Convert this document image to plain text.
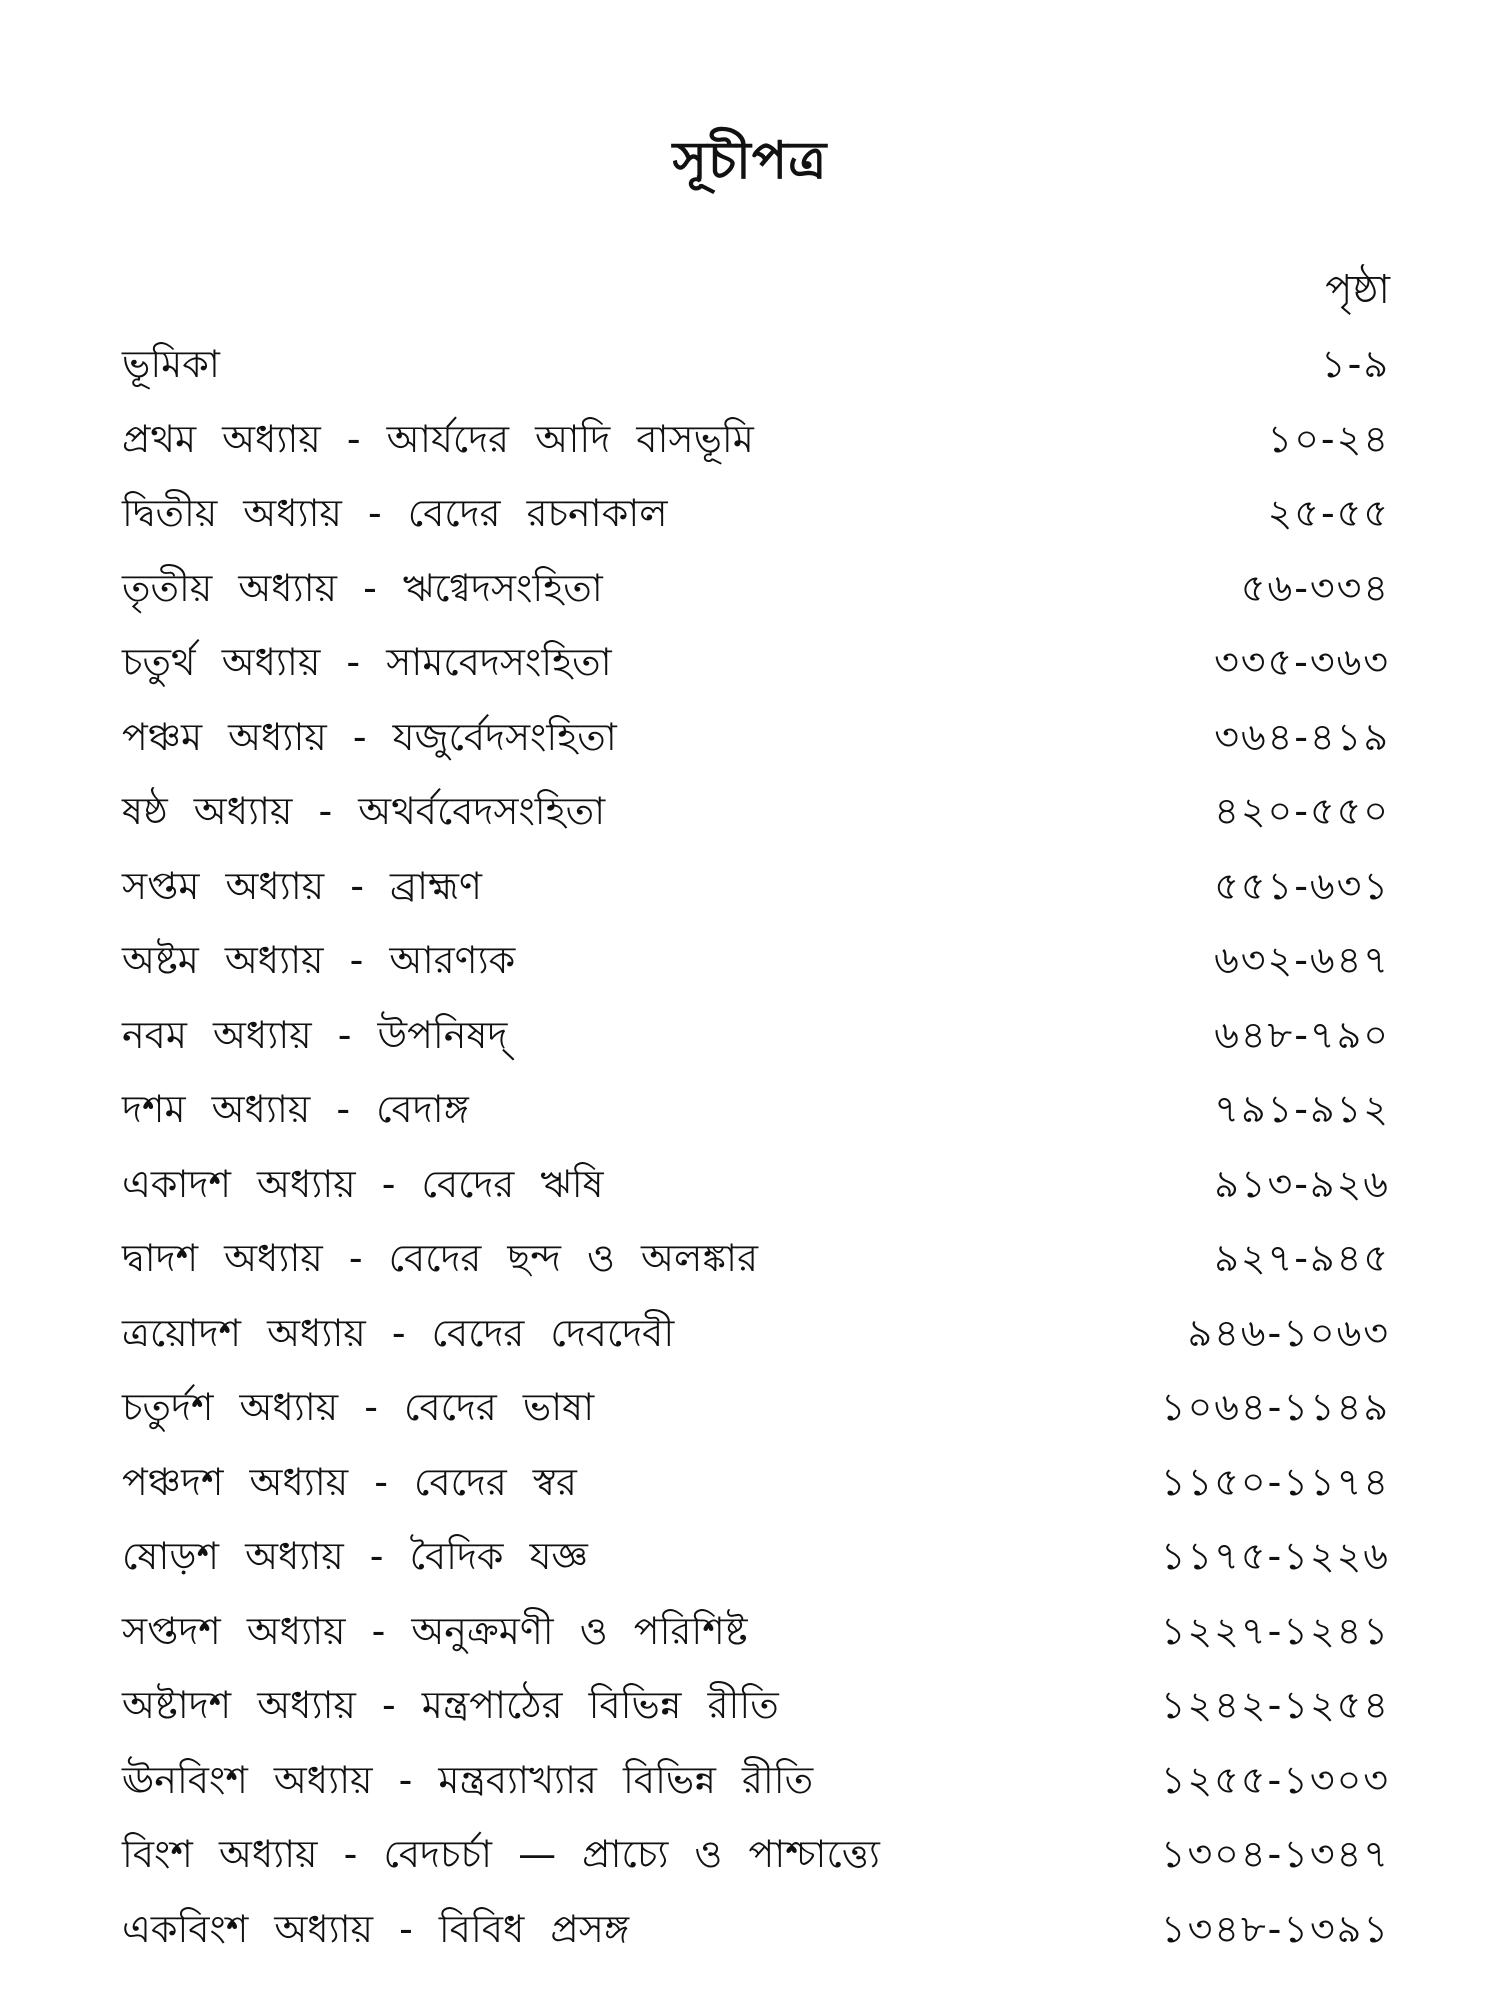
সূচীপত্র
পৃষ্ঠা
ভূমিকা	১-৯
প্রথম অধ্যায় - আর্যদের আদি বাসভূমি	১০-২৪
দ্বিতীয় অধ্যায় - বেদের রচনাকাল	২৫-৫৫
তৃতীয় অধ্যায় - ঋগ্বেদসংহিতা	৫৬-৩৩৪
চতুর্থ অধ্যায় - সামবেদসংহিতা	৩৩৫-৩৬৩
পঞ্চম অধ্যায় - যজুর্বেদসংহিতা	৩৬৪-৪১৯
ষষ্ঠ অধ্যায় - অথর্ববেদসংহিতা	৪২০-৫৫০
সপ্তম অধ্যায় - ব্রাহ্মণ	৫৫১-৬৩১
অষ্টম অধ্যায় - আরণ্যক	৬৩২-৬৪৭
নবম অধ্যায় - উপনিষদ্	৬৪৮-৭৯০
দশম অধ্যায় - বেদাঙ্গ	৭৯১-৯১২
একাদশ অধ্যায় - বেদের ঋষি	৯১৩-৯২৬
দ্বাদশ অধ্যায় - বেদের ছন্দ ও অলঙ্কার	৯২৭-৯৪৫
ত্রয়োদশ অধ্যায় - বেদের দেবদেবী	৯৪৬-১০৬৩
চতুর্দশ অধ্যায় - বেদের ভাষা	১০৬৪-১১৪৯
পঞ্চদশ অধ্যায় - বেদের স্বর	১১৫০-১১৭৪
ষোড়শ অধ্যায় - বৈদিক যজ্ঞ	১১৭৫-১২২৬
সপ্তদশ অধ্যায় - অনুক্রমণী ও পরিশিষ্ট	১২২৭-১২৪১
অষ্টাদশ অধ্যায় - মন্ত্রপাঠের বিভিন্ন রীতি	১২৪২-১২৫৪
ঊনবিংশ অধ্যায় - মন্ত্রব্যাখ্যার বিভিন্ন রীতি	১২৫৫-১৩০৩
বিংশ অধ্যায় - বেদচর্চা — প্রাচ্যে ও পাশ্চাত্ত্যে	১৩০৪-১৩৪৭
একবিংশ অধ্যায় - বিবিধ প্রসঙ্গ	১৩৪৮-১৩৯১
